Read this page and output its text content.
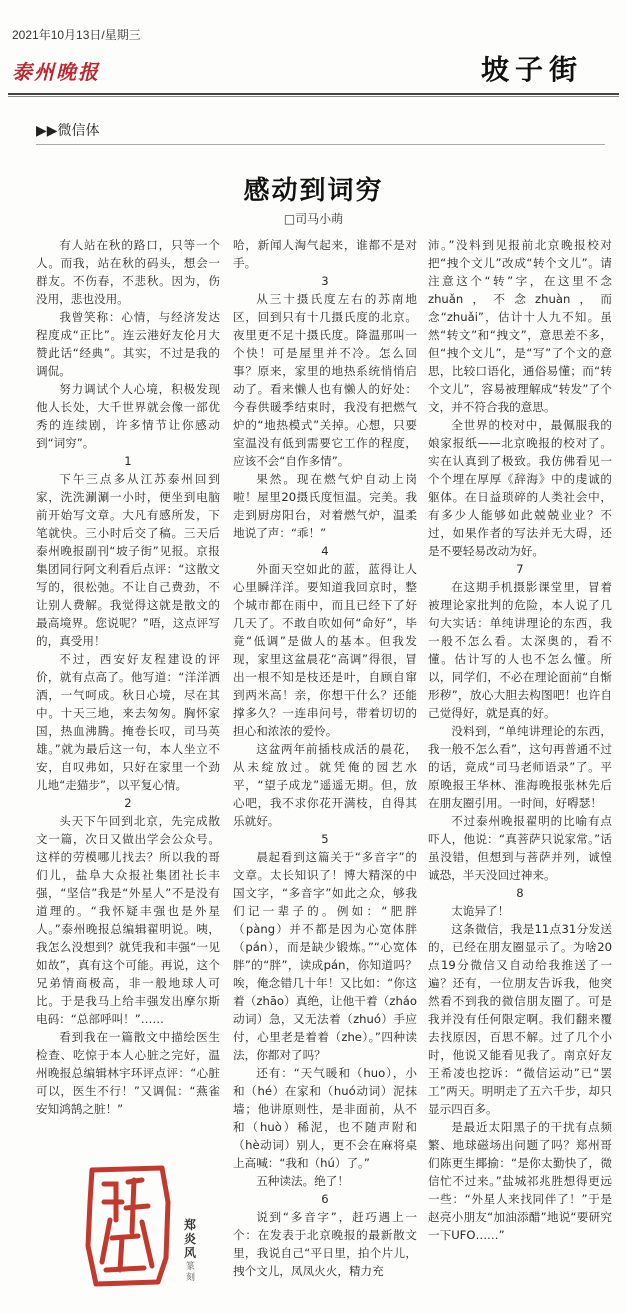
2021年10月13日/星期三
泰州晚报	坡子街
▶▶微信体
感动到词穷
□司马小萌

有人站在秋的路口，只等一个人。而我，站在秋的码头，想会一群友。不伤春，不悲秋。因为，伤没用，悲也没用。

我曾笑称：心情，与经济发达程度成“正比”。连云港好友伦月大赞此话“经典”。其实，不过是我的调侃。

努力调试个人心境，积极发现他人长处，大千世界就会像一部优秀的连续剧，许多情节让你感动到“词穷”。

1

下午三点多从江苏泰州回到家，洗洗涮涮一小时，便坐到电脑前开始写文章。大凡有感所发，下笔就快。三小时后交了稿。三天后泰州晚报副刊“坡子街”见报。京报集团同行阿文利看后点评：“这散文写的，很松弛。不让自己费劲，不让别人费解。我觉得这就是散文的最高境界。您说呢？”唔，这点评写的，真受用！

不过，西安好友程建设的评价，就有点高了。他写道：“洋洋洒洒，一气呵成。秋日心境，尽在其中。十天三地，来去匆匆。胸怀家国，热血沸腾。掩卷长叹，司马英雄。”就为最后这一句，本人坐立不安，自叹弗如，只好在家里一个劲儿地“走猫步”，以平复心情。

2

头天下午回到北京，先完成散文一篇，次日又做出学会公众号。这样的劳模哪儿找去？所以我的哥们儿，盐阜大众报社集团社长丰强，“坚信”我是“外星人”不是没有道理的。“我怀疑丰强也是外星人。”泰州晚报总编辑翟明说。咦，我怎么没想到？就凭我和丰强“一见如故”，真有这个可能。再说，这个兄弟情商极高，非一般地球人可比。于是我马上给丰强发出摩尔斯电码：“总部呼叫！”……

看到我在一篇散文中描绘医生检查、吃惊于本人心脏之完好，温州晚报总编辑林宇环评点评：“心脏可以，医生不行！”又调侃：“燕雀安知鸿鹄之脏！”

哈，新闻人淘气起来，谁都不是对手。

3

从三十摄氏度左右的苏南地区，回到只有十几摄氏度的北京。夜里更不足十摄氏度。降温那叫一个快！可是屋里并不冷。怎么回事？原来，家里的地热系统悄悄启动了。看来懒人也有懒人的好处：今春供暖季结束时，我没有把燃气炉的“地热模式”关掉。心想，只要室温没有低到需要它工作的程度，应该不会“自作多情”。

果然。现在燃气炉自动上岗啦！屋里20摄氏度恒温。完美。我走到厨房阳台，对着燃气炉，温柔地说了声：“乖！”

4

外面天空如此的蓝，蓝得让人心里瞬洋洋。要知道我回京时，整个城市都在雨中，而且已经下了好几天了。不敢自吹如何“命好”，毕竟“低调”是做人的基本。但我发现，家里这盆晨花“高调”得很，冒出一根不知是枝还是叶，自顾自窜到两米高！亲，你想干什么？还能撑多久？一连串问号，带着切切的担心和浓浓的爱怜。

这盆两年前插枝成活的晨花，从未绽放过。就凭俺的园艺水平，“望子成龙”遥遥无期。但，放心吧，我不求你花开满枝，自得其乐就好。

5

晨起看到这篇关于“多音字”的文章。太长知识了！博大精深的中国文字，“多音字”如此之众，够我们记一辈子的。例如：“肥胖（pàng）并不都是因为心宽体胖（pán），而是缺少锻炼。”“心宽体胖”的“胖”，读成pán，你知道吗？唉，俺念错几十年！又比如：“你这着（zhāo）真绝，让他干着（zháo动词）急，又无法着（zhuó）手应付，心里老是着着（zhe）。”四种读法，你都对了吗？

还有：“天气暖和（huo），小和（hé）在家和（huó动词）泥抹墙；他讲原则性，是非面前，从不和（huò）稀泥，也不随声附和（hè动词）别人，更不会在麻将桌上高喊：“我和（hú）了。”

五种读法。绝了！

6

说到“多音字”，赶巧遇上一个：在发表于北京晚报的最新散文里，我说自己“平日里，拍个片儿，拽个文儿，凤凤火火，精力充

沛。”没料到见报前北京晚报校对把“拽个文儿”改成“转个文儿”。请注意这个“转”字，在这里不念zhuǎn，不念zhuàn，而念“zhuǎi”，估计十人九不知。虽然“转文”和“拽文”，意思差不多，但“拽个文儿”，是“写”了个文的意思，比较口语化，通俗易懂；而“转个文儿”，容易被理解成“转发”了个文，并不符合我的意思。

全世界的校对中，最佩服我的娘家报纸——北京晚报的校对了。实在认真到了极致。我仿佛看见一个个埋在厚厚《辞海》中的虔诚的躯体。在日益琐碎的人类社会中，有多少人能够如此兢兢业业？不过，如果作者的写法并无大碍，还是不要轻易改动为好。

7

在这期手机摄影课堂里，冒着被理论家批判的危险，本人说了几句大实话：单纯讲理论的东西，我一般不怎么看。太深奥的，看不懂。估计写的人也不怎么懂。所以，同学们，不必在理论面前“自惭形秽”，放心大胆去构图吧！也许自己觉得好，就是真的好。

没料到，“单纯讲理论的东西，我一般不怎么看”，这句再普通不过的话，竟成“司马老师语录”了。平原晚报王华林、淮海晚报张林先后在朋友圈引用。一时间，好嘚瑟！

不过泰州晚报翟明的比喻有点吓人，他说：“真菩萨只说家常。”话虽没错，但想到与菩萨并列，诚惶诚恐，半天没回过神来。

8

太诡异了！

这条微信，我是11点31分发送的，已经在朋友圈显示了。为啥20点19分微信又自动给我推送了一遍？还有，一位朋友告诉我，他突然看不到我的微信朋友圈了。可是我并没有任何限定啊。我们翻来覆去找原因，百思不解。过了几个小时，他说又能看见我了。南京好友王希凌也挖诉：“微信运动”已“罢工”两天。明明走了五六千步，却只显示四百多。

是最近太阳黑子的干扰有点频繁、地球磁场出问题了吗？郑州哥们陈更生揶揄：“是你太勤快了，微信忙不过来。”盐城祁兆胜想得更远一些：“外星人来找同伴了！”于是赵亮小朋友“加油添醋”地说“要研究一下UFO……”

郑炎风
篆刻
